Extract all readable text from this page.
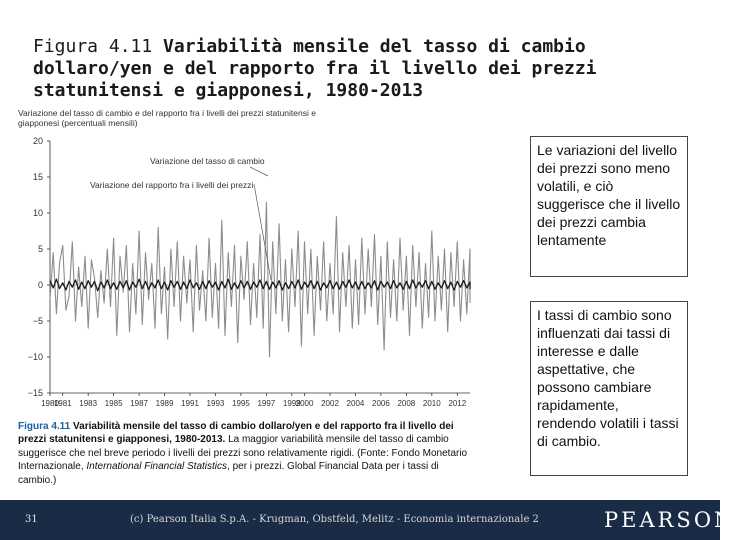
Figura 4.11 Variabilità mensile del tasso di cambio dollaro/yen e del rapporto fra il livello dei prezzi statunitensi e giapponesi, 1980-2013
Variazione del tasso di cambio e del rapporto fra i livelli dei prezzi statunitensi e giapponesi (percentuali mensili)
20
15
10
5
0
−5
−10
−15
1980
1981 1983 1985 1987 1989 1991 1993 1995 1997 1999
2000 2002 2004 2006 2008 2010 2012
Variazione del tasso di cambio
Variazione del rapporto fra i livelli dei prezzi
Figura 4.11 Variabilità mensile del tasso di cambio dollaro/yen e del rapporto fra il livello dei prezzi statunitensi e giapponesi, 1980-2013. La maggior variabilità mensile del tasso di cambio suggerisce che nel breve periodo i livelli dei prezzi sono relativamente rigidi. (Fonte: Fondo Monetario Internazionale, International Financial Statistics, per i prezzi. Global Financial Data per i tassi di cambio.)
Le variazioni del livello dei prezzi sono meno volatili, e ciò suggerisce che il livello dei prezzi cambia lentamente
I tassi di cambio sono influenzati dai tassi di interesse e dalle aspettative, che possono cambiare rapidamente, rendendo volatili i tassi di cambio.
31	(c) Pearson Italia S.p.A. - Krugman, Obstfeld, Melitz - Economia internazionale 2	PEARSON
